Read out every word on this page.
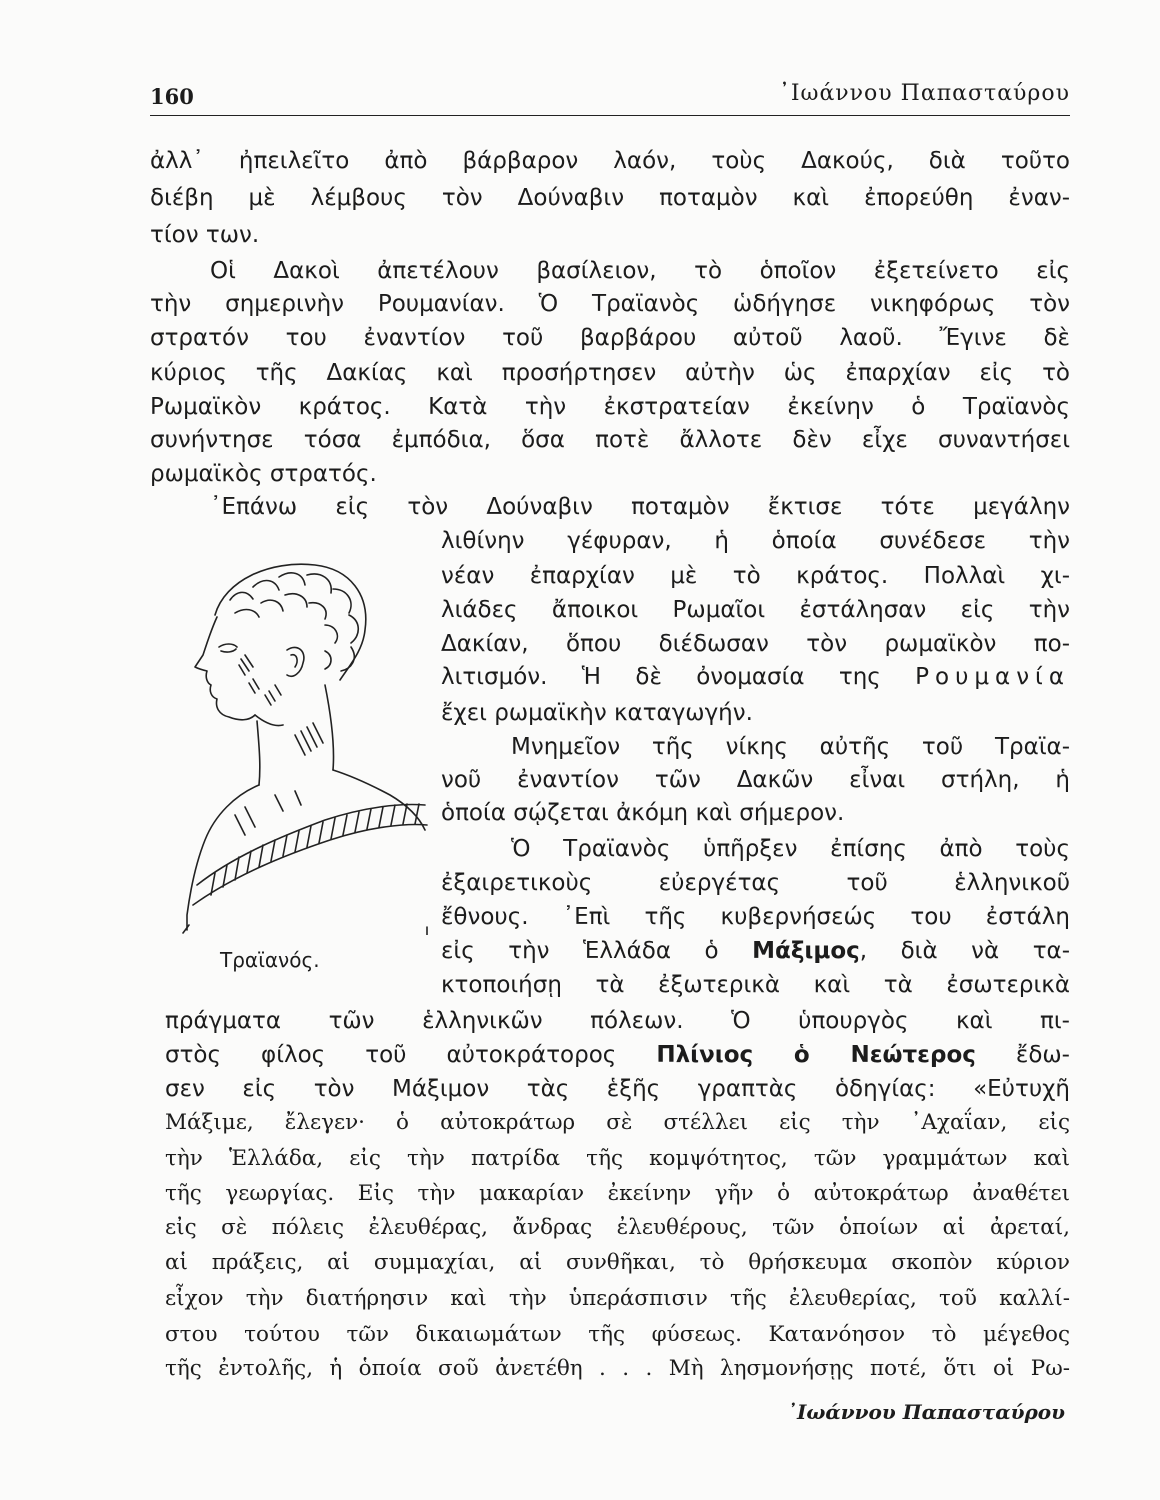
160	᾿Ιωάννου Παπασταύρου
ἀλλ᾿ ἠπειλεῖτο ἀπὸ βάρβαρον λαόν, τοὺς Δακούς, διὰ τοῦτο
διέβη μὲ λέμβους τὸν Δούναβιν ποταμὸν καὶ ἐπορεύθη ἐναν-
τίον των.
Οἱ Δακοὶ ἀπετέλουν βασίλειον, τὸ ὁποῖον ἐξετείνετο εἰς
τὴν σημερινὴν Ρουμανίαν. Ὁ Τραϊανὸς ὡδήγησε νικηφόρως τὸν
στρατόν του ἐναντίον τοῦ βαρβάρου αὐτοῦ λαοῦ. Ἔγινε δὲ
κύριος τῆς Δακίας καὶ προσήρτησεν αὐτὴν ὡς ἐπαρχίαν εἰς τὸ
Ρωμαϊκὸν κράτος. Κατὰ τὴν ἐκστρατείαν ἐκείνην ὁ Τραϊανὸς
συνήντησε τόσα ἐμπόδια, ὅσα ποτὲ ἄλλοτε δὲν εἶχε συναντήσει
ρωμαϊκὸς στρατός.
᾿Επάνω εἰς τὸν Δούναβιν ποταμὸν ἔκτισε τότε μεγάλην
λιθίνην γέφυραν, ἡ ὁποία συνέδεσε τὴν
νέαν ἐπαρχίαν μὲ τὸ κράτος. Πολλαὶ χι-
λιάδες ἄποικοι Ρωμαῖοι ἐστάλησαν εἰς τὴν
Δακίαν, ὅπου διέδωσαν τὸν ρωμαϊκὸν πο-
λιτισμόν. Ἡ δὲ ὀνομασία της Ρουμανία
ἔχει ρωμαϊκὴν καταγωγήν.
Μνημεῖον τῆς νίκης αὐτῆς τοῦ Τραϊα-
νοῦ ἐναντίον τῶν Δακῶν εἶναι στήλη, ἡ
ὁποία σῴζεται ἀκόμη καὶ σήμερον.
Ὁ Τραϊανὸς ὑπῆρξεν ἐπίσης ἀπὸ τοὺς
ἐξαιρετικοὺς εὐεργέτας τοῦ ἑλληνικοῦ
ἔθνους. ᾿Επὶ τῆς κυβερνήσεώς του ἐστάλη
εἰς τὴν Ἑλλάδα ὁ Μάξιμος, διὰ νὰ τα-
κτοποιήσῃ τὰ ἐξωτερικὰ καὶ τὰ ἐσωτερικὰ
Τραϊανός.
πράγματα τῶν ἑλληνικῶν πόλεων. Ὁ ὑπουργὸς καὶ πι-
στὸς φίλος τοῦ αὐτοκράτορος Πλίνιος ὁ Νεώτερος ἔδω-
σεν εἰς τὸν Μάξιμον τὰς ἑξῆς γραπτὰς ὁδηγίας: «Εὐτυχῆ
Μάξιμε, ἔλεγεν· ὁ αὐτοκράτωρ σὲ στέλλει εἰς τὴν ᾿Αχαΐαν, εἰς
τὴν Ἑλλάδα, εἰς τὴν πατρίδα τῆς κομψότητος, τῶν γραμμάτων καὶ
τῆς γεωργίας. Εἰς τὴν μακαρίαν ἐκείνην γῆν ὁ αὐτοκράτωρ ἀναθέτει
εἰς σὲ πόλεις ἐλευθέρας, ἄνδρας ἐλευθέρους, τῶν ὁποίων αἱ ἀρεταί,
αἱ πράξεις, αἱ συμμαχίαι, αἱ συνθῆκαι, τὸ θρήσκευμα σκοπὸν κύριον
εἶχον τὴν διατήρησιν καὶ τὴν ὑπεράσπισιν τῆς ἐλευθερίας, τοῦ καλλί-
στου τούτου τῶν δικαιωμάτων τῆς φύσεως. Κατανόησον τὸ μέγεθος
τῆς ἐντολῆς, ἡ ὁποία σοῦ ἀνετέθη . . . Μὴ λησμονήσῃς ποτέ, ὅτι οἱ Ρω-
᾿Ιωάννου Παπασταύρου
